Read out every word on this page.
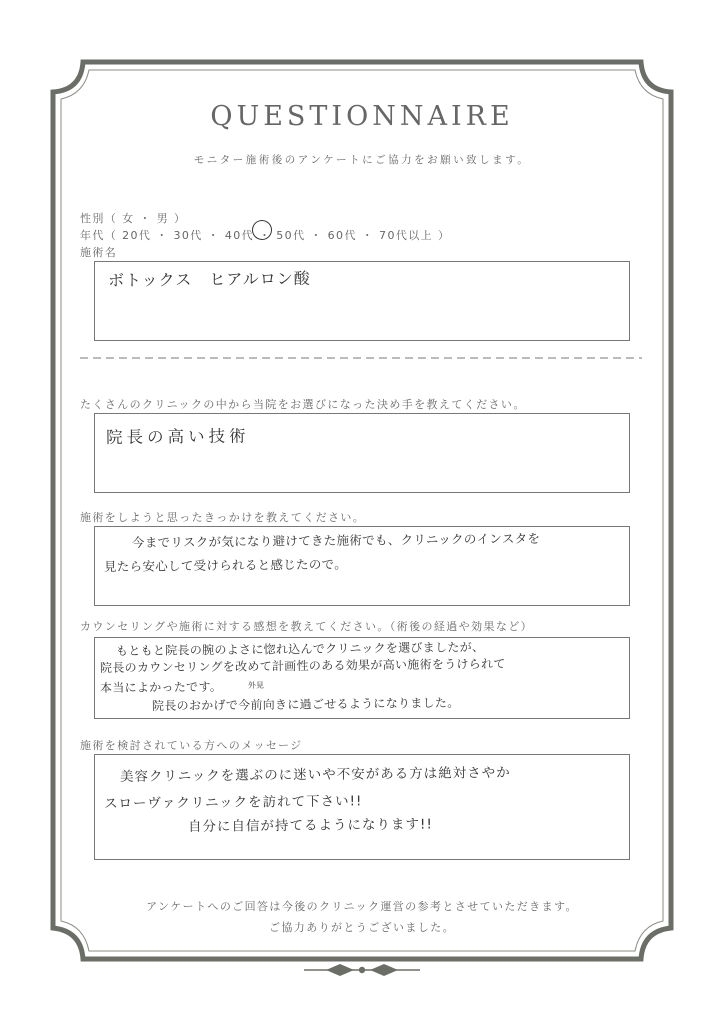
QUESTIONNAIRE
モニター施術後のアンケートにご協力をお願い致します。
性別（ 女 ・ 男 ）
年代（ 20代 ・ 30代 ・ 40代 ・ 50代 ・ 60代 ・ 70代以上 ）
施術名
ボトックス　ヒアルロン酸
たくさんのクリニックの中から当院をお選びになった決め手を教えてください。
院長の高い技術
施術をしようと思ったきっかけを教えてください。
今までリスクが気になり避けてきた施術でも、クリニックのインスタを
見たら安心して受けられると感じたので。
カウンセリングや施術に対する感想を教えてください。（術後の経過や効果など）
もともと院長の腕のよさに惚れ込んでクリニックを選びましたが、
院長のカウンセリングを改めて計画性のある効果が高い施術をうけられて
本当によかったです。	外見
院長のおかげで今前向きに過ごせるようになりました。
施術を検討されている方へのメッセージ
美容クリニックを選ぶのに迷いや不安がある方は絶対さやか
スローヴァクリニックを訪れて下さい!!
自分に自信が持てるようになります!!
アンケートへのご回答は今後のクリニック運営の参考とさせていただきます。
ご協力ありがとうございました。
